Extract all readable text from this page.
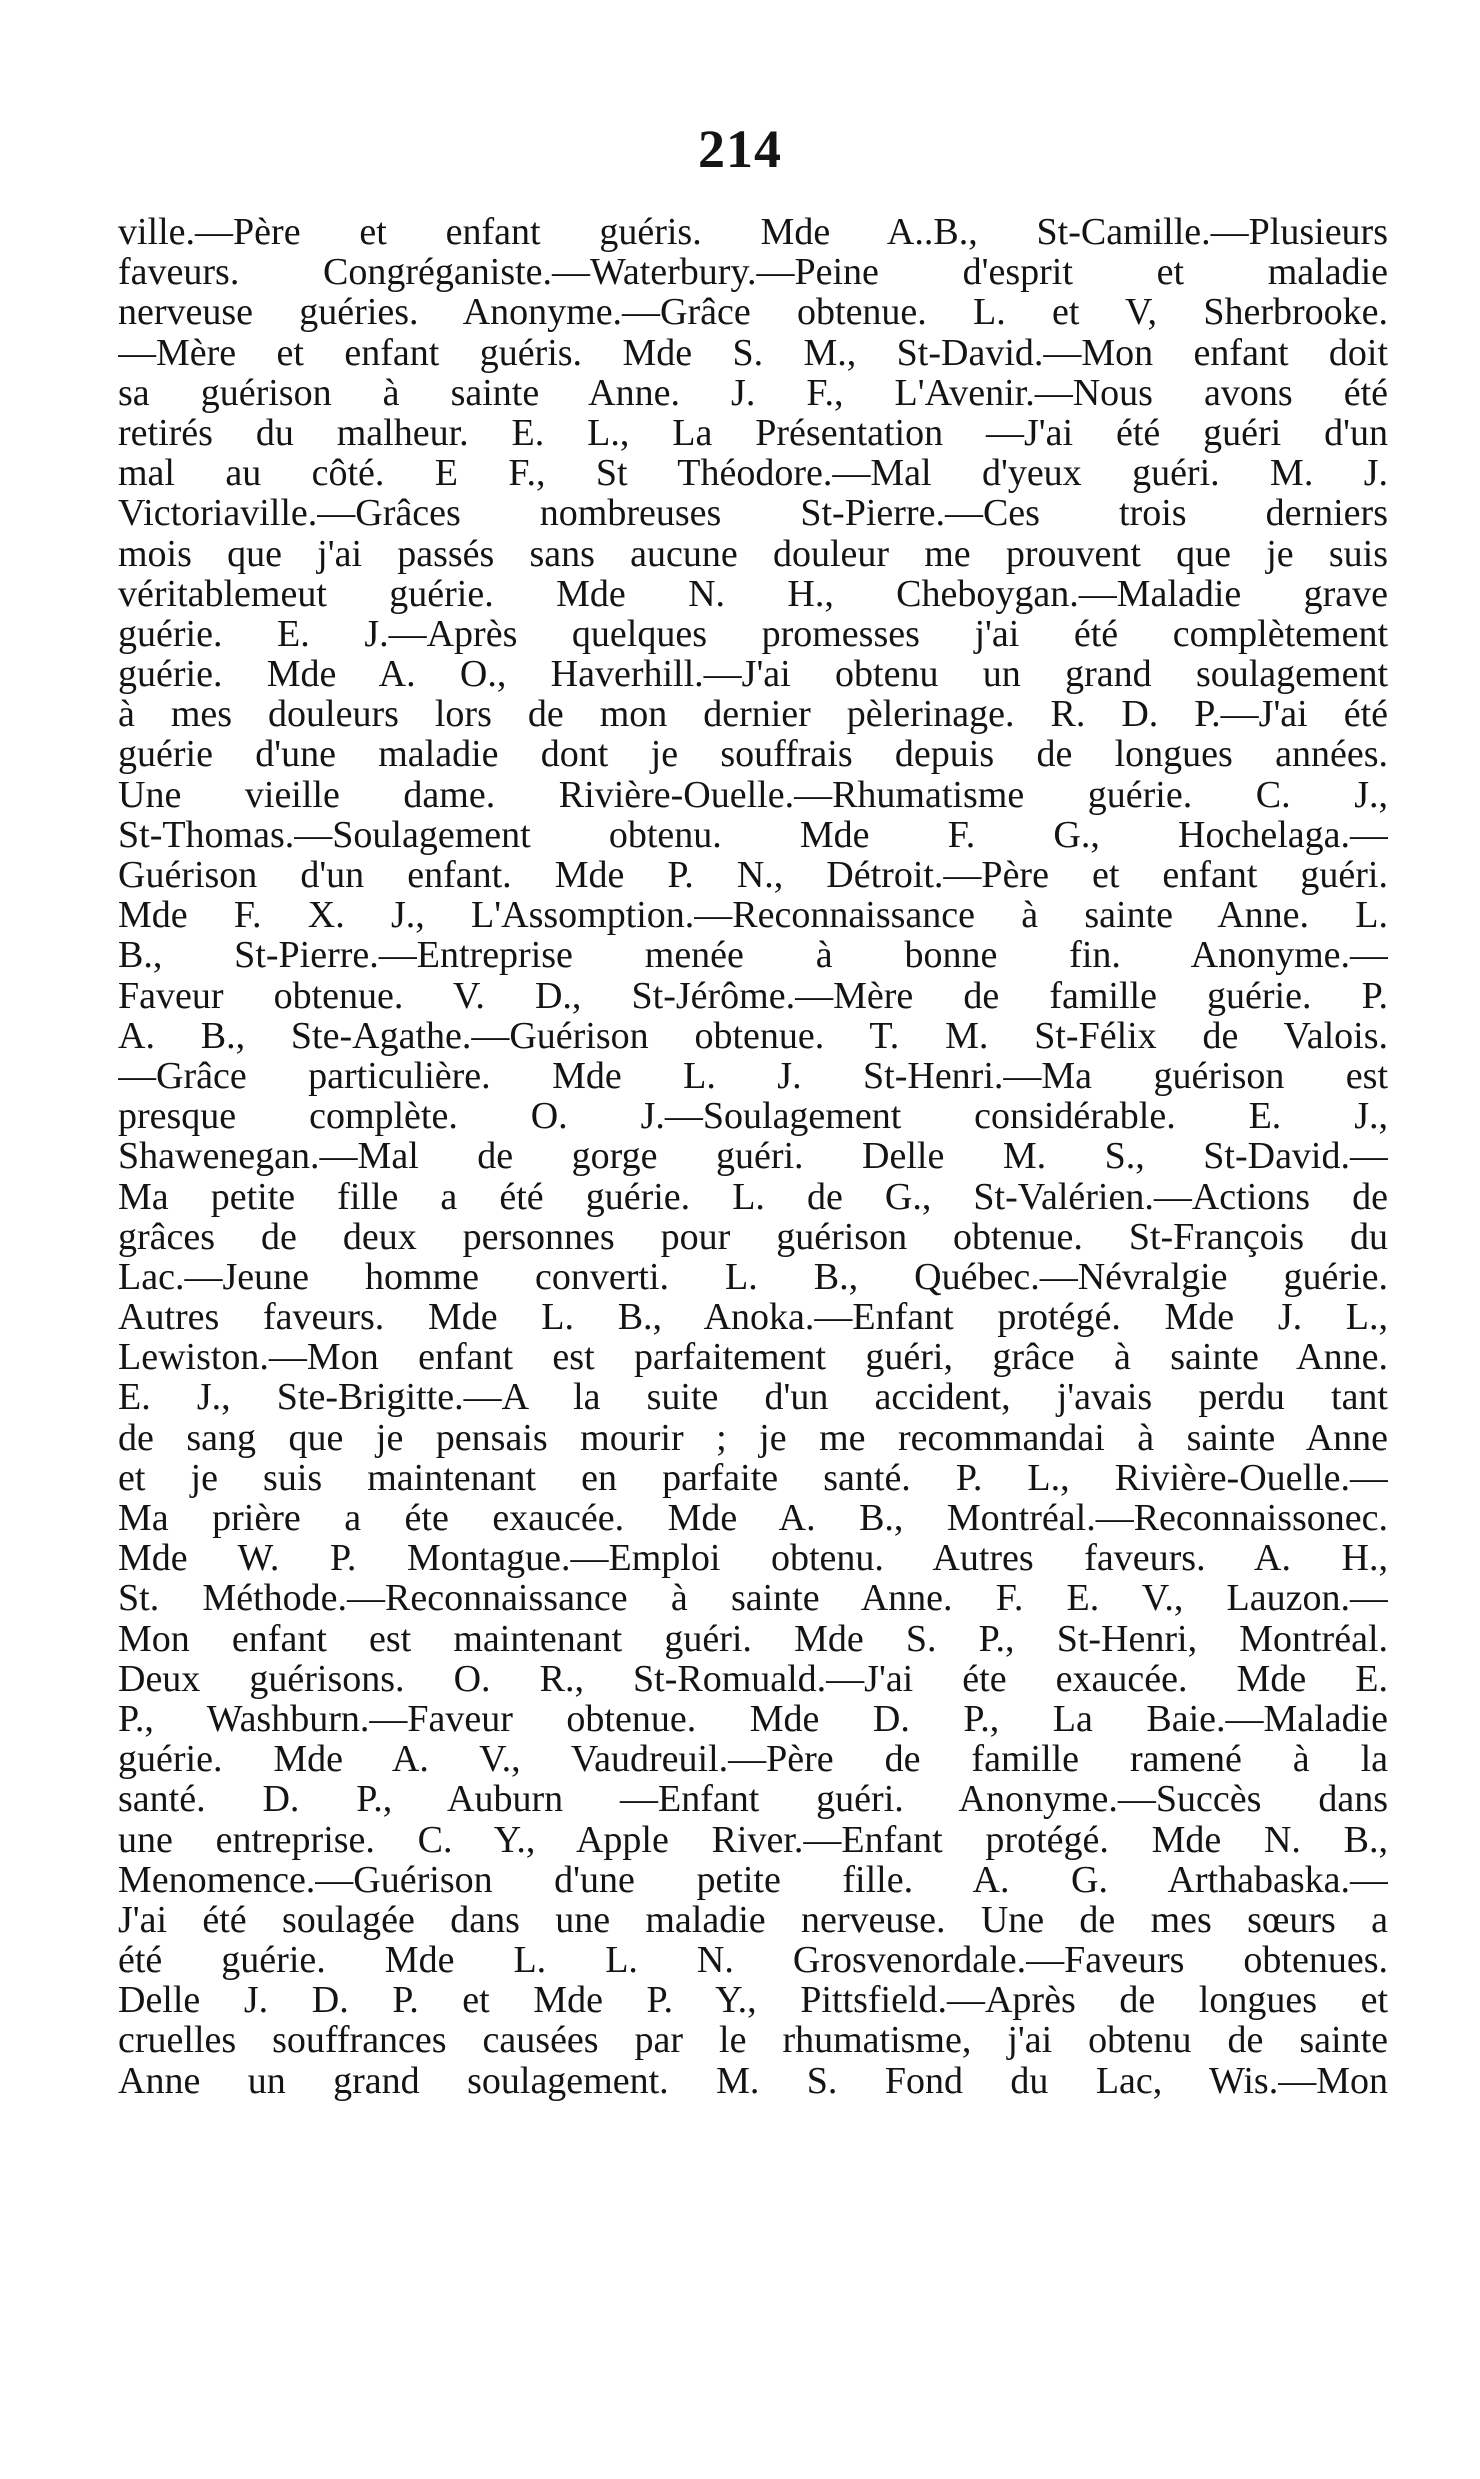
214
ville.—Père et enfant guéris. Mde A..B., St-Camille.—Plusieurs
faveurs. Congréganiste.—Waterbury.—Peine d'esprit et maladie
nerveuse guéries. Anonyme.—Grâce obtenue. L. et V, Sherbrooke.
—Mère et enfant guéris. Mde S. M., St-David.—Mon enfant doit
sa guérison à sainte Anne. J. F., L'Avenir.—Nous avons été
retirés du malheur. E. L., La Présentation —J'ai été guéri d'un
mal au côté. E F., St Théodore.—Mal d'yeux guéri. M. J.
Victoriaville.—Grâces nombreuses St-Pierre.—Ces trois derniers
mois que j'ai passés sans aucune douleur me prouvent que je suis
véritablemeut guérie. Mde N. H., Cheboygan.—Maladie grave
guérie. E. J.—Après quelques promesses j'ai été complètement
guérie. Mde A. O., Haverhill.—J'ai obtenu un grand soulagement
à mes douleurs lors de mon dernier pèlerinage. R. D. P.—J'ai été
guérie d'une maladie dont je souffrais depuis de longues années.
Une vieille dame. Rivière-Ouelle.—Rhumatisme guérie. C. J.,
St-Thomas.—Soulagement obtenu. Mde F. G., Hochelaga.—
Guérison d'un enfant. Mde P. N., Détroit.—Père et enfant guéri.
Mde F. X. J., L'Assomption.—Reconnaissance à sainte Anne. L.
B., St-Pierre.—Entreprise menée à bonne fin. Anonyme.—
Faveur obtenue. V. D., St-Jérôme.—Mère de famille guérie. P.
A. B., Ste-Agathe.—Guérison obtenue. T. M. St-Félix de Valois.
—Grâce particulière. Mde L. J. St-Henri.—Ma guérison est
presque complète. O. J.—Soulagement considérable. E. J.,
Shawenegan.—Mal de gorge guéri. Delle M. S., St-David.—
Ma petite fille a été guérie. L. de G., St-Valérien.—Actions de
grâces de deux personnes pour guérison obtenue. St-François du
Lac.—Jeune homme converti. L. B., Québec.—Névralgie guérie.
Autres faveurs. Mde L. B., Anoka.—Enfant protégé. Mde J. L.,
Lewiston.—Mon enfant est parfaitement guéri, grâce à sainte Anne.
E. J., Ste-Brigitte.—A la suite d'un accident, j'avais perdu tant
de sang que je pensais mourir ; je me recommandai à sainte Anne
et je suis maintenant en parfaite santé. P. L., Rivière-Ouelle.—
Ma prière a éte exaucée. Mde A. B., Montréal.—Reconnaissonec.
Mde W. P. Montague.—Emploi obtenu. Autres faveurs. A. H.,
St. Méthode.—Reconnaissance à sainte Anne. F. E. V., Lauzon.—
Mon enfant est maintenant guéri. Mde S. P., St-Henri, Montréal.
Deux guérisons. O. R., St-Romuald.—J'ai éte exaucée. Mde E.
P., Washburn.—Faveur obtenue. Mde D. P., La Baie.—Maladie
guérie. Mde A. V., Vaudreuil.—Père de famille ramené à la
santé. D. P., Auburn —Enfant guéri. Anonyme.—Succès dans
une entreprise. C. Y., Apple River.—Enfant protégé. Mde N. B.,
Menomence.—Guérison d'une petite fille. A. G. Arthabaska.—
J'ai été soulagée dans une maladie nerveuse. Une de mes sœurs a
été guérie. Mde L. L. N. Grosvenordale.—Faveurs obtenues.
Delle J. D. P. et Mde P. Y., Pittsfield.—Après de longues et
cruelles souffrances causées par le rhumatisme, j'ai obtenu de sainte
Anne un grand soulagement. M. S. Fond du Lac, Wis.—Mon
